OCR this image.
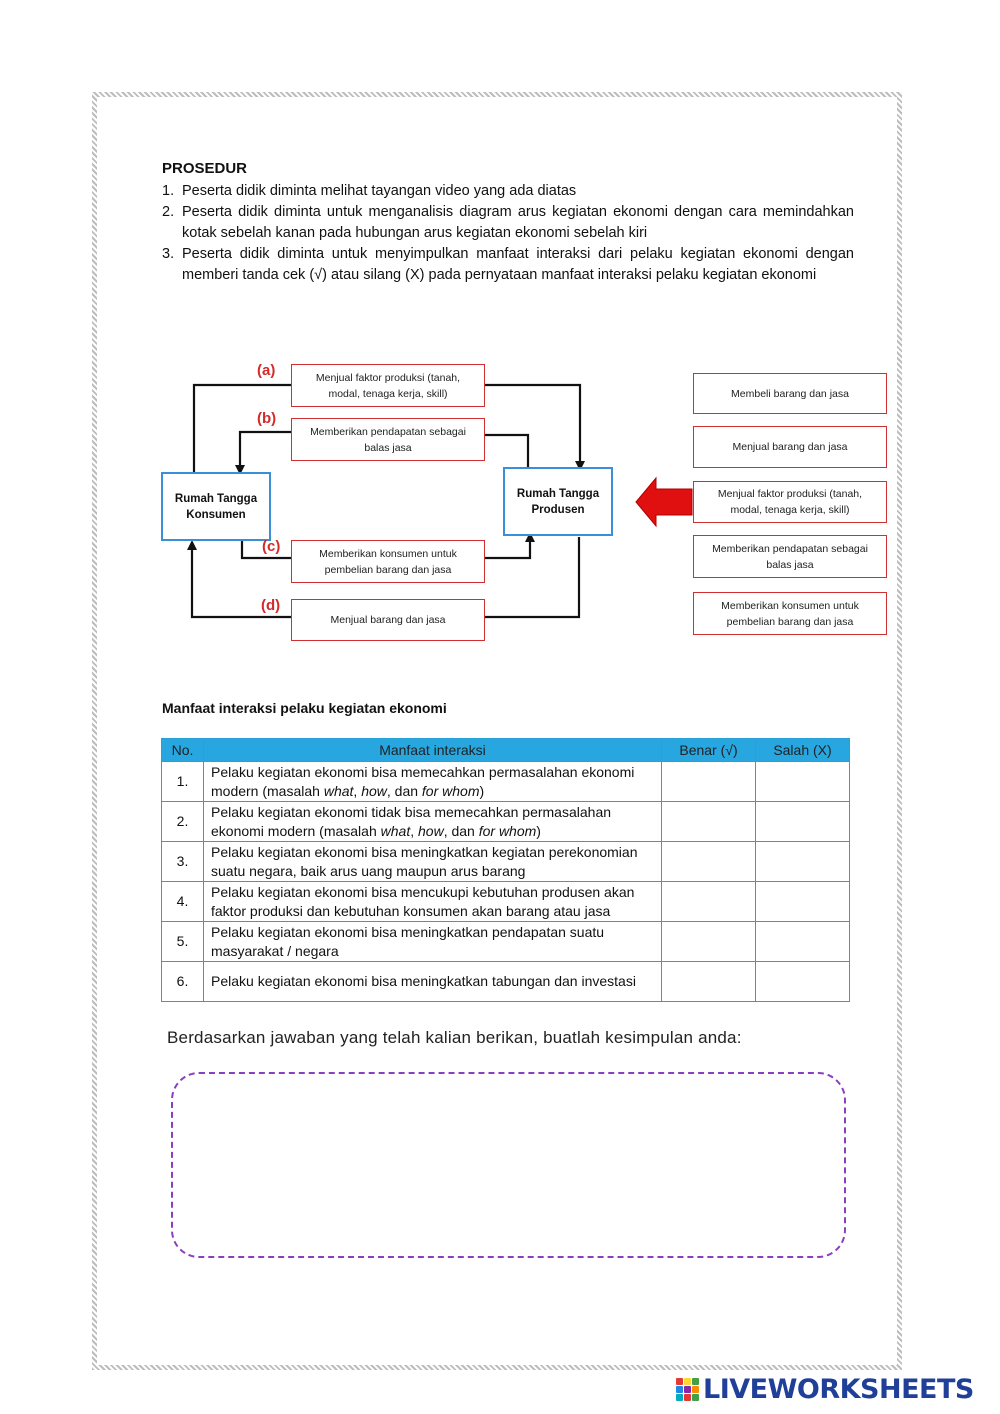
PROSEDUR
1. Peserta didik diminta melihat tayangan video yang ada diatas
2. Peserta didik diminta untuk menganalisis diagram arus kegiatan ekonomi dengan cara memindahkan kotak sebelah kanan pada hubungan arus kegiatan ekonomi sebelah kiri
3. Peserta didik diminta untuk menyimpulkan manfaat interaksi dari pelaku kegiatan ekonomi dengan memberi tanda cek (√) atau silang (X) pada pernyataan manfaat interaksi pelaku kegiatan ekonomi
Rumah Tangga Konsumen
Rumah Tangga Produsen
(a)
(b)
(c)
(d)
Menjual faktor produksi (tanah, modal, tenaga kerja, skill)
Memberikan pendapatan sebagai balas jasa
Memberikan konsumen untuk pembelian barang dan jasa
Menjual barang dan jasa
Membeli barang dan jasa
Menjual barang dan jasa
Menjual faktor produksi (tanah, modal, tenaga kerja, skill)
Memberikan pendapatan sebagai balas jasa
Memberikan konsumen untuk pembelian barang dan jasa
Manfaat interaksi pelaku kegiatan ekonomi
No.	Manfaat interaksi	Benar (√)	Salah (X)
1.	Pelaku kegiatan ekonomi bisa memecahkan permasalahan ekonomi modern (masalah what, how, dan for whom)		
2.	Pelaku kegiatan ekonomi tidak bisa memecahkan permasalahan ekonomi modern (masalah what, how, dan for whom)		
3.	Pelaku kegiatan ekonomi bisa meningkatkan kegiatan perekonomian suatu negara, baik arus uang maupun arus barang		
4.	Pelaku kegiatan ekonomi bisa mencukupi kebutuhan produsen akan faktor produksi dan kebutuhan konsumen akan barang atau jasa		
5.	Pelaku kegiatan ekonomi bisa meningkatkan pendapatan suatu masyarakat / negara		
6.	Pelaku kegiatan ekonomi bisa meningkatkan tabungan dan investasi		
Berdasarkan jawaban yang telah kalian berikan, buatlah kesimpulan anda:
LIVEWORKSHEETS
